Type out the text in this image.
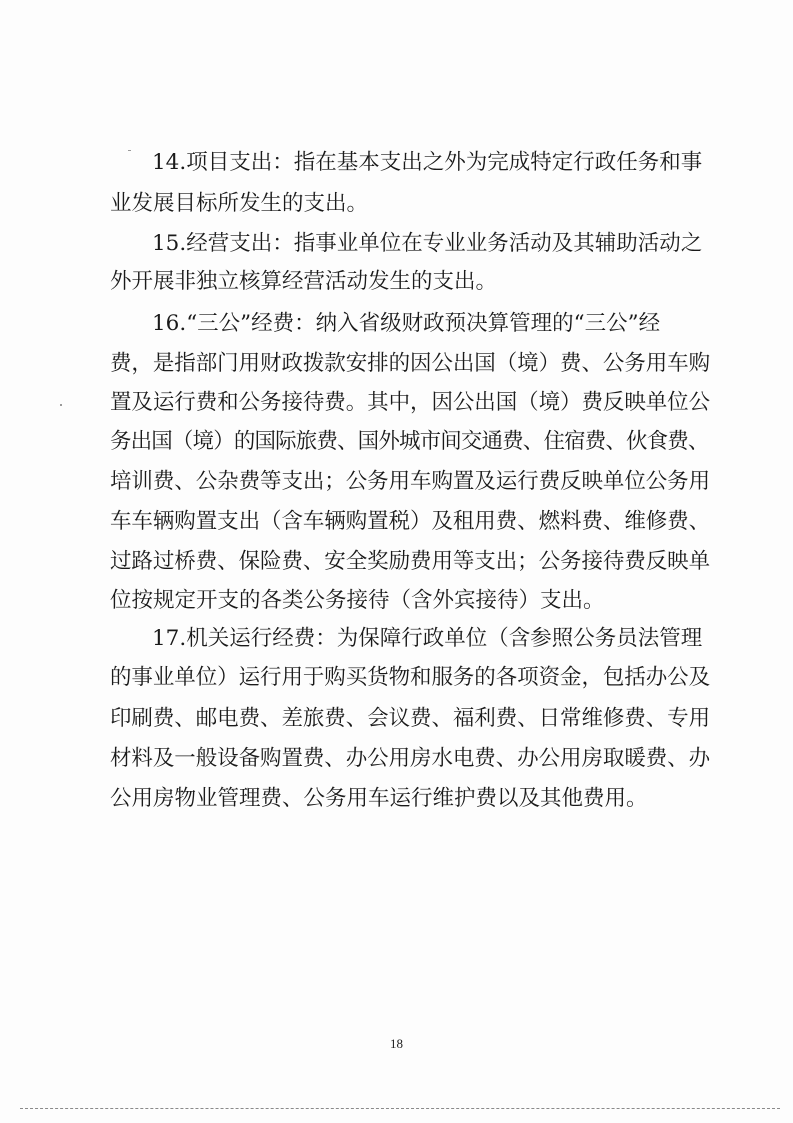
14.项目支出：指在基本支出之外为完成特定行政任务和事
业发展目标所发生的支出。
15.经营支出：指事业单位在专业业务活动及其辅助活动之
外开展非独立核算经营活动发生的支出。
16.“三公”经费：纳入省级财政预决算管理的“三公”经
费，是指部门用财政拨款安排的因公出国（境）费、公务用车购
置及运行费和公务接待费。其中，因公出国（境）费反映单位公
务出国（境）的国际旅费、国外城市间交通费、住宿费、伙食费、
培训费、公杂费等支出；公务用车购置及运行费反映单位公务用
车车辆购置支出（含车辆购置税）及租用费、燃料费、维修费、
过路过桥费、保险费、安全奖励费用等支出；公务接待费反映单
位按规定开支的各类公务接待（含外宾接待）支出。
17.机关运行经费：为保障行政单位（含参照公务员法管理
的事业单位）运行用于购买货物和服务的各项资金，包括办公及
印刷费、邮电费、差旅费、会议费、福利费、日常维修费、专用
材料及一般设备购置费、办公用房水电费、办公用房取暖费、办
公用房物业管理费、公务用车运行维护费以及其他费用。
18
